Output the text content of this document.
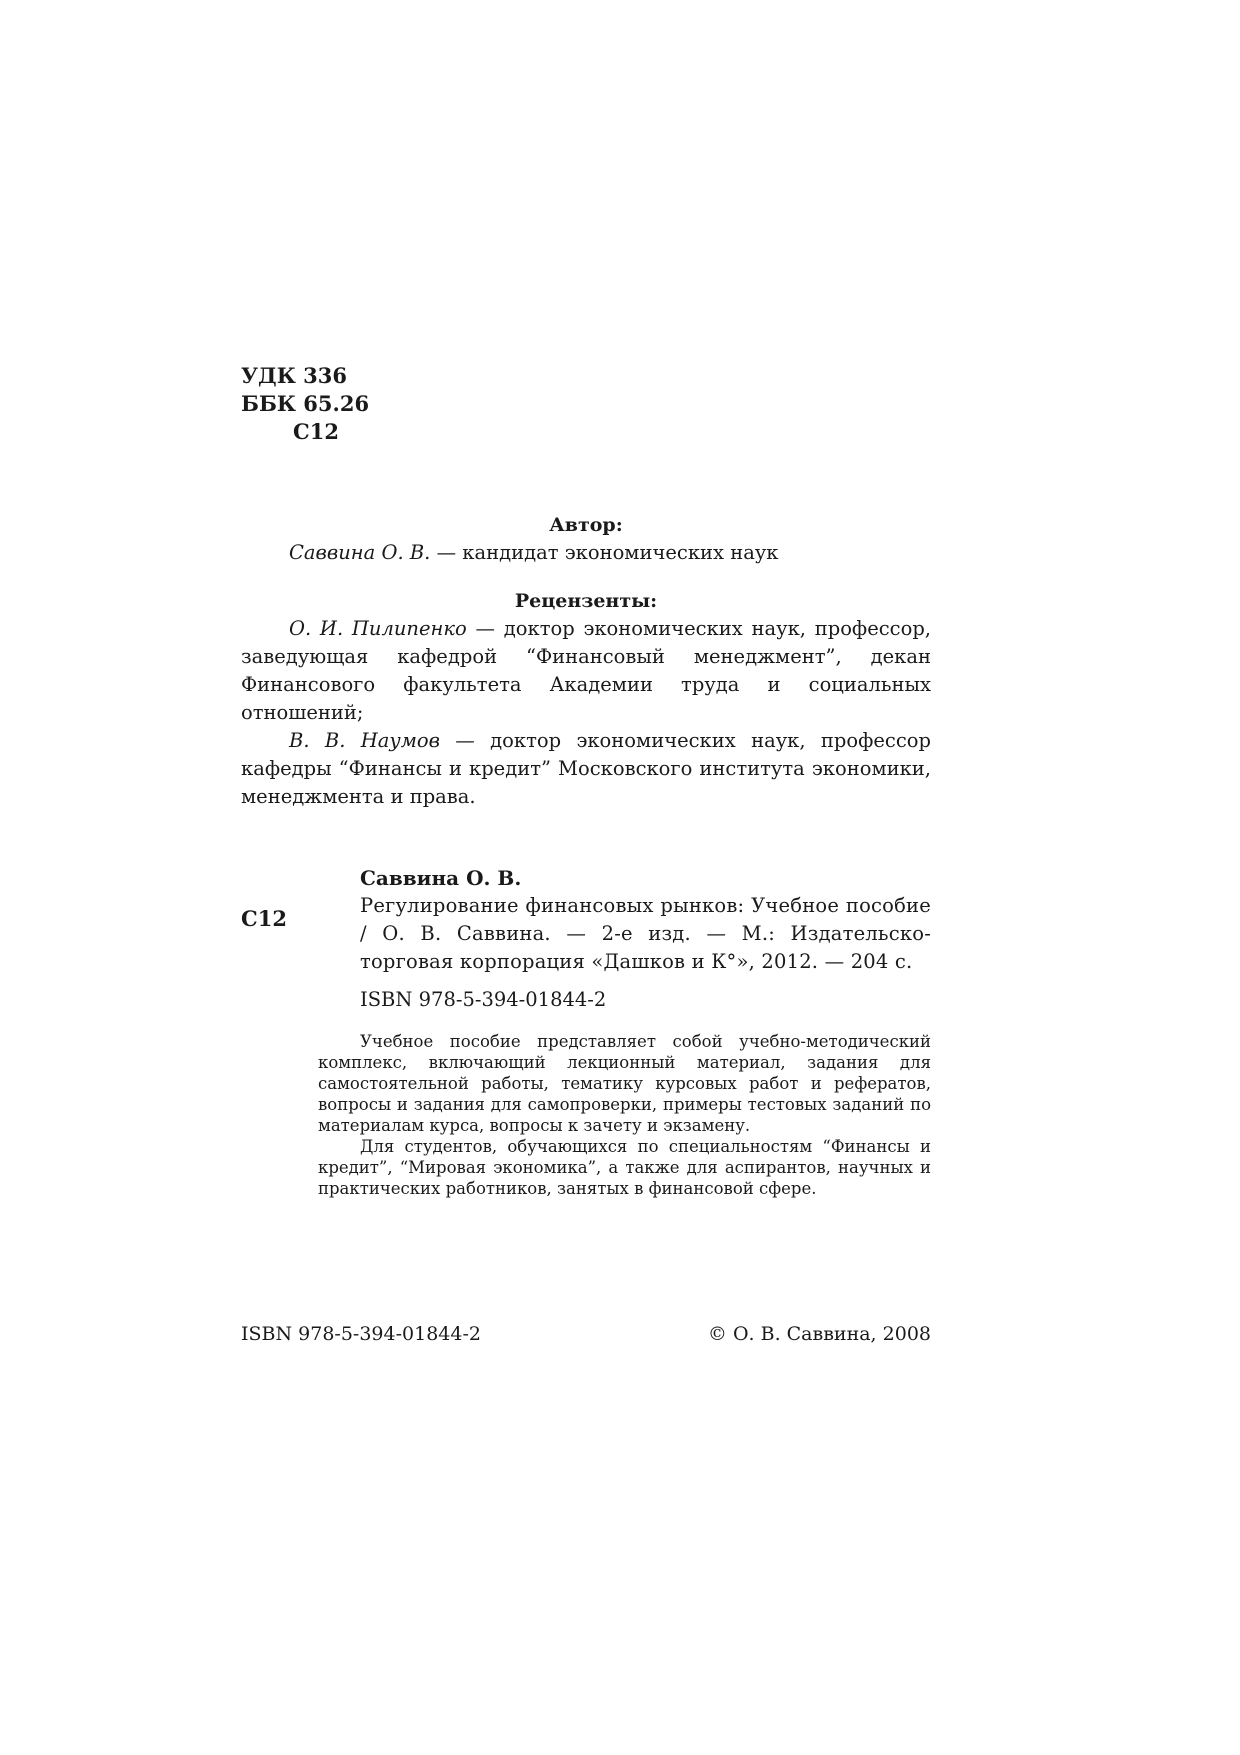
УДК 336
ББК 65.26
С12
Автор:

Саввина О. В. — кандидат экономических наук

Рецензенты:

О. И. Пилипенко — доктор экономических наук, профессор, заведующая кафедрой “Финансовый менеджмент”, декан Финансового факультета Академии труда и социальных отношений;

В. В. Наумов — доктор экономических наук, профессор кафедры “Финансы и кредит” Московского института экономики, менеджмента и права.

С12
Саввина О. В.

Регулирование финансовых рынков: Учебное пособие / О. В. Саввина. — 2-е изд. — М.: Издательско-торговая корпорация «Дашков и К°», 2012. — 204 с.

ISBN 978-5-394-01844-2

Учебное пособие представляет собой учебно-методический комплекс, включающий лекционный материал, задания для самостоятельной работы, тематику курсовых работ и рефератов, вопросы и задания для самопроверки, примеры тестовых заданий по материалам курса, вопросы к зачету и экзамену.

Для студентов, обучающихся по специальностям “Финансы и кредит”, “Мировая экономика”, а также для аспирантов, научных и практических работников, занятых в финансовой сфере.

ISBN 978-5-394-01844-2	© О. В. Саввина, 2008
